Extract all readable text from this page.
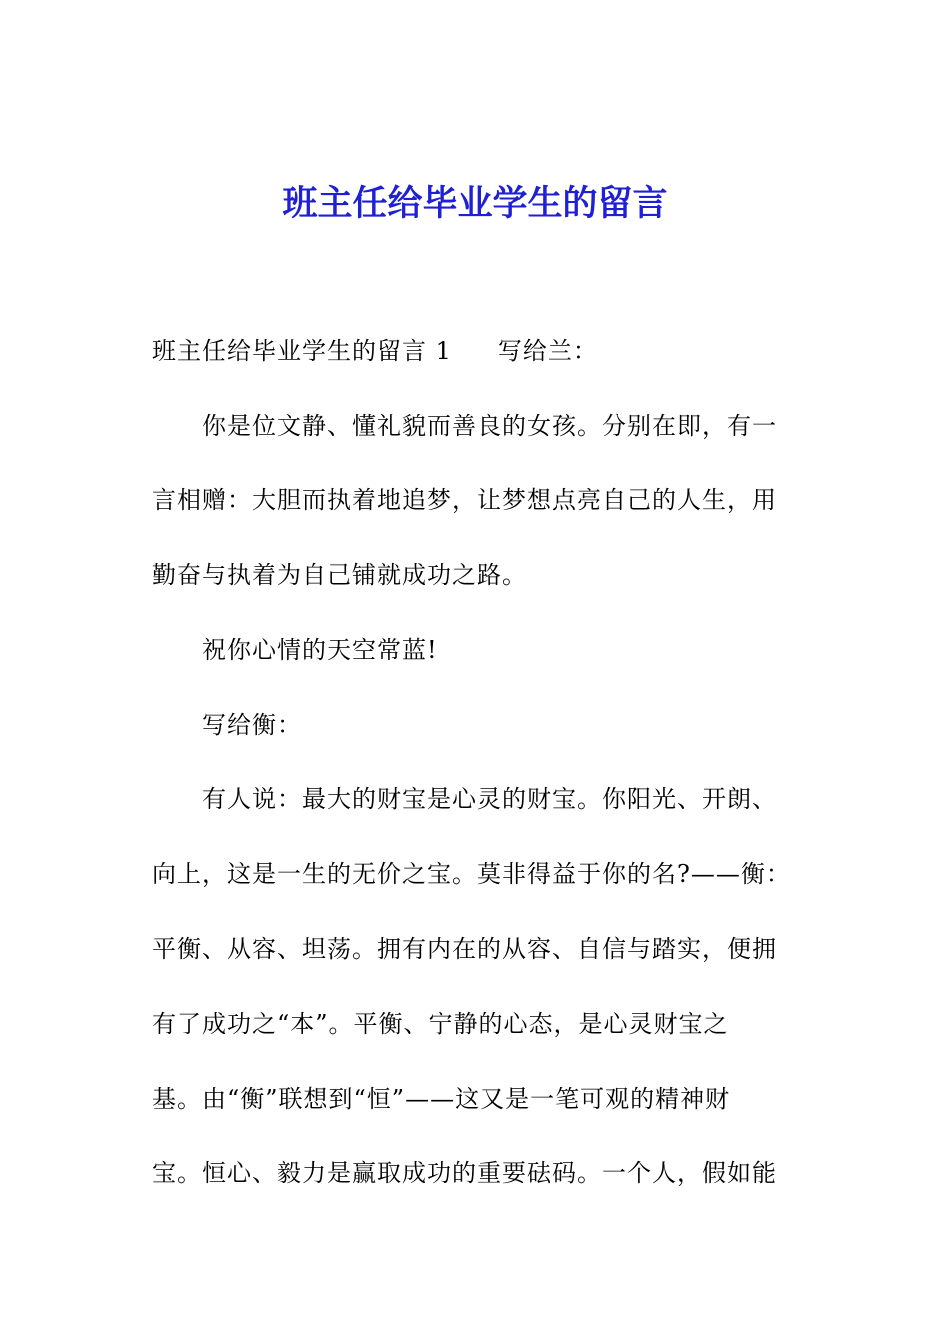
班主任给毕业学生的留言
班主任给毕业学生的留言 1 写给兰：
你是位文静、懂礼貌而善良的女孩。分别在即，有一
言相赠：大胆而执着地追梦，让梦想点亮自己的人生，用
勤奋与执着为自己铺就成功之路。
祝你心情的天空常蓝!
写给衡：
有人说：最大的财宝是心灵的财宝。你阳光、开朗、
向上，这是一生的无价之宝。莫非得益于你的名?——衡：
平衡、从容、坦荡。拥有内在的从容、自信与踏实，便拥
有了成功之“本”。平衡、宁静的心态，是心灵财宝之
基。由“衡”联想到“恒”——这又是一笔可观的精神财
宝。恒心、毅力是赢取成功的重要砝码。一个人，假如能
